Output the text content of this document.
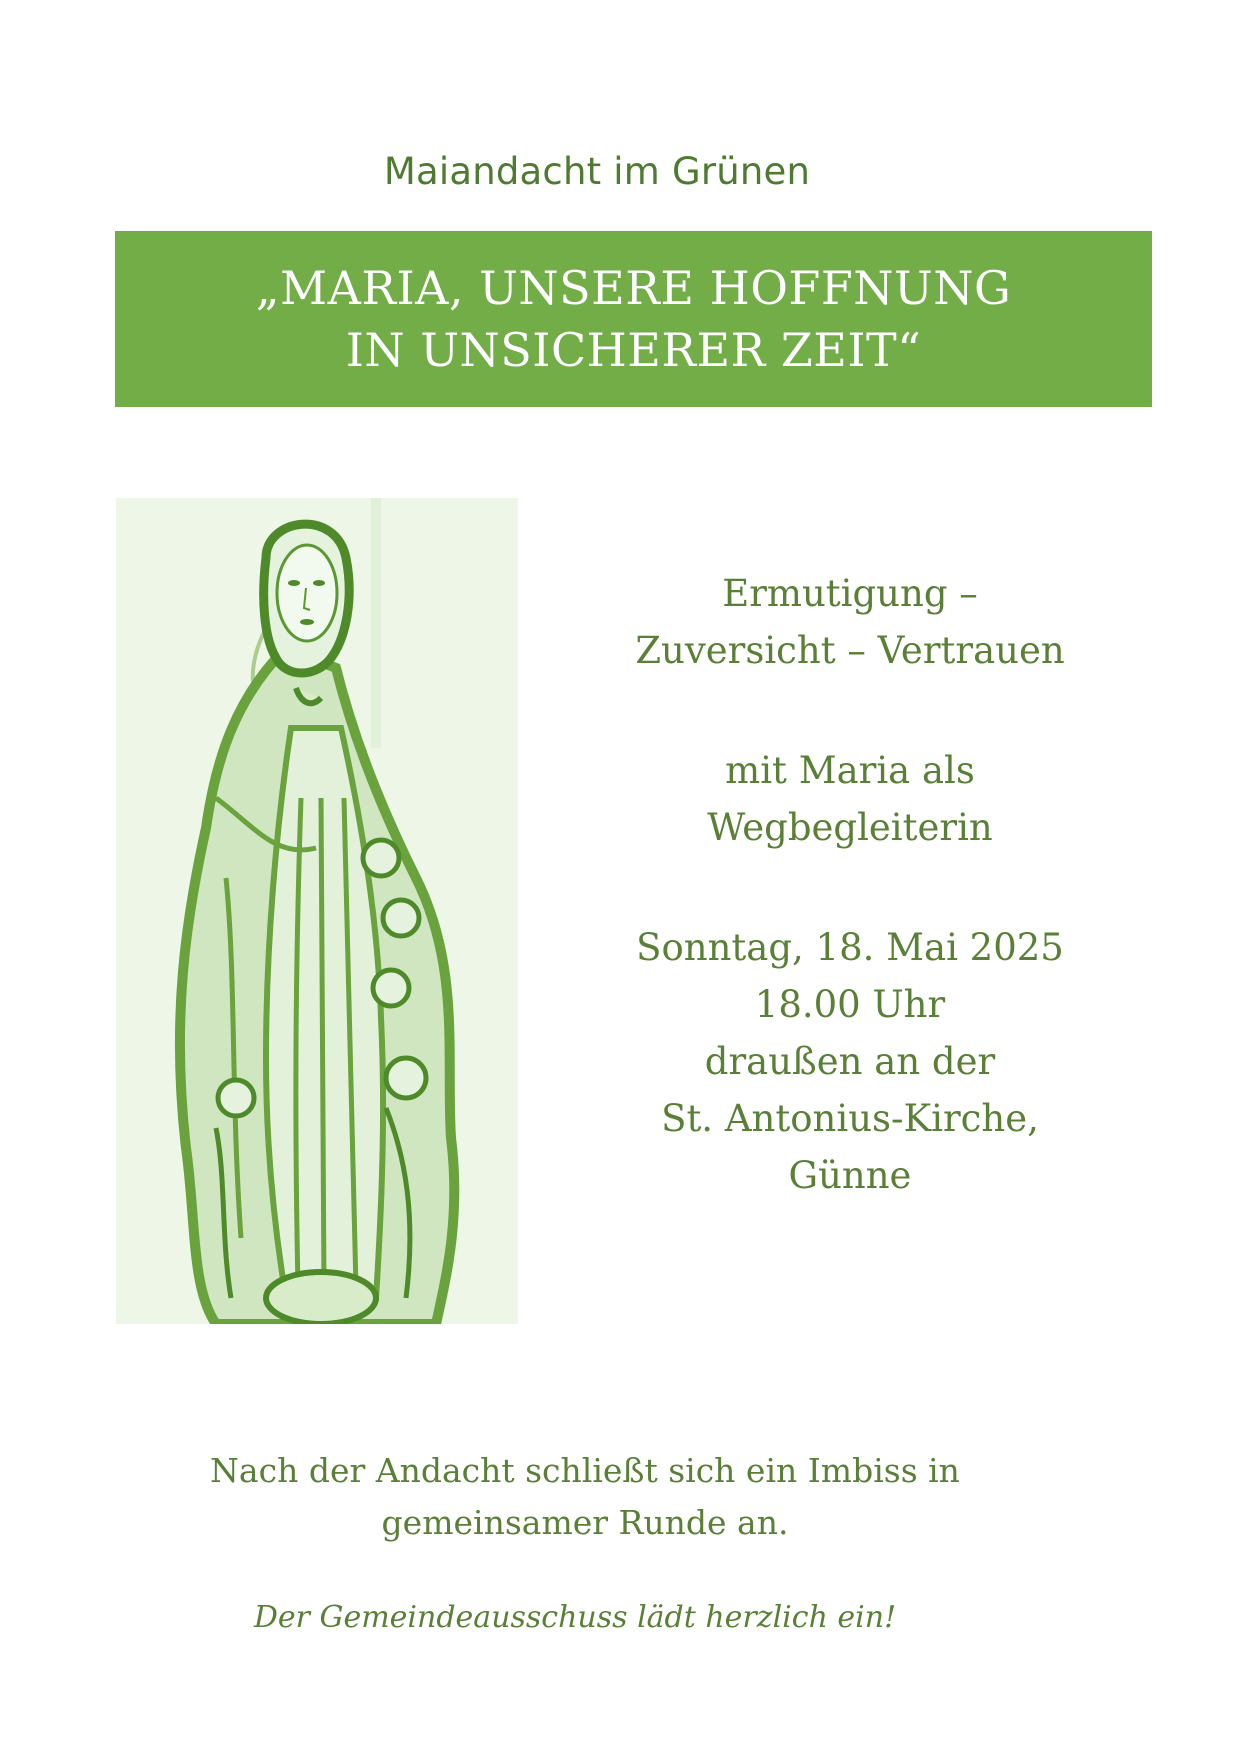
Maiandacht im Grünen
„MARIA, UNSERE HOFFNUNG
IN UNSICHERER ZEIT“
Ermutigung –
Zuversicht – Vertrauen
mit Maria als
Wegbegleiterin
Sonntag, 18. Mai 2025
18.00 Uhr
draußen an der
St. Antonius-Kirche,
Günne
Nach der Andacht schließt sich ein Imbiss in
gemeinsamer Runde an.
Der Gemeindeausschuss lädt herzlich ein!
